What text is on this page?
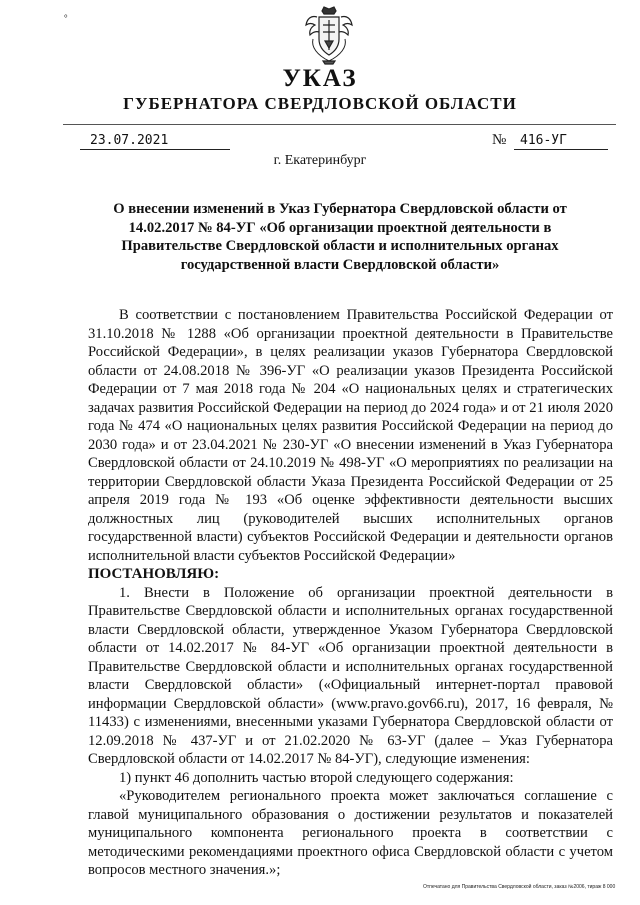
°
УКАЗ
ГУБЕРНАТОРА СВЕРДЛОВСКОЙ ОБЛАСТИ
23.07.2021	№	416-УГ
г. Екатеринбург
О внесении изменений в Указ Губернатора Свердловской области от 14.02.2017 № 84-УГ «Об организации проектной деятельности в Правительстве Свердловской области и исполнительных органах государственной власти Свердловской области»

В соответствии с постановлением Правительства Российской Федерации от 31.10.2018 № 1288 «Об организации проектной деятельности в Правительстве Российской Федерации», в целях реализации указов Губернатора Свердловской области от 24.08.2018 № 396-УГ «О реализации указов Президента Российской Федерации от 7 мая 2018 года № 204 «О национальных целях и стратегических задачах развития Российской Федерации на период до 2024 года» и от 21 июля 2020 года № 474 «О национальных целях развития Российской Федерации на период до 2030 года» и от 23.04.2021 № 230-УГ «О внесении изменений в Указ Губернатора Свердловской области от 24.10.2019 № 498-УГ «О мероприятиях по реализации на территории Свердловской области Указа Президента Российской Федерации от 25 апреля 2019 года № 193 «Об оценке эффективности деятельности высших должностных лиц (руководителей высших исполнительных органов государственной власти) субъектов Российской Федерации и деятельности органов исполнительной власти субъектов Российской Федерации»

ПОСТАНОВЛЯЮ:

1. Внести в Положение об организации проектной деятельности в Правительстве Свердловской области и исполнительных органах государственной власти Свердловской области, утвержденное Указом Губернатора Свердловской области от 14.02.2017 № 84-УГ «Об организации проектной деятельности в Правительстве Свердловской области и исполнительных органах государственной власти Свердловской области» («Официальный интернет-портал правовой информации Свердловской области» (www.pravo.gov66.ru), 2017, 16 февраля, № 11433) с изменениями, внесенными указами Губернатора Свердловской области от 12.09.2018 № 437-УГ и от 21.02.2020 № 63-УГ (далее – Указ Губернатора Свердловской области от 14.02.2017 № 84-УГ), следующие изменения:

1) пункт 46 дополнить частью второй следующего содержания:

«Руководителем регионального проекта может заключаться соглашение с главой муниципального образования о достижении результатов и показателей муниципального компонента регионального проекта в соответствии с методическими рекомендациями проектного офиса Свердловской области с учетом вопросов местного значения.»;

Отпечатано для Правительства Свердловской области, заказ №2006, тираж 8 000
